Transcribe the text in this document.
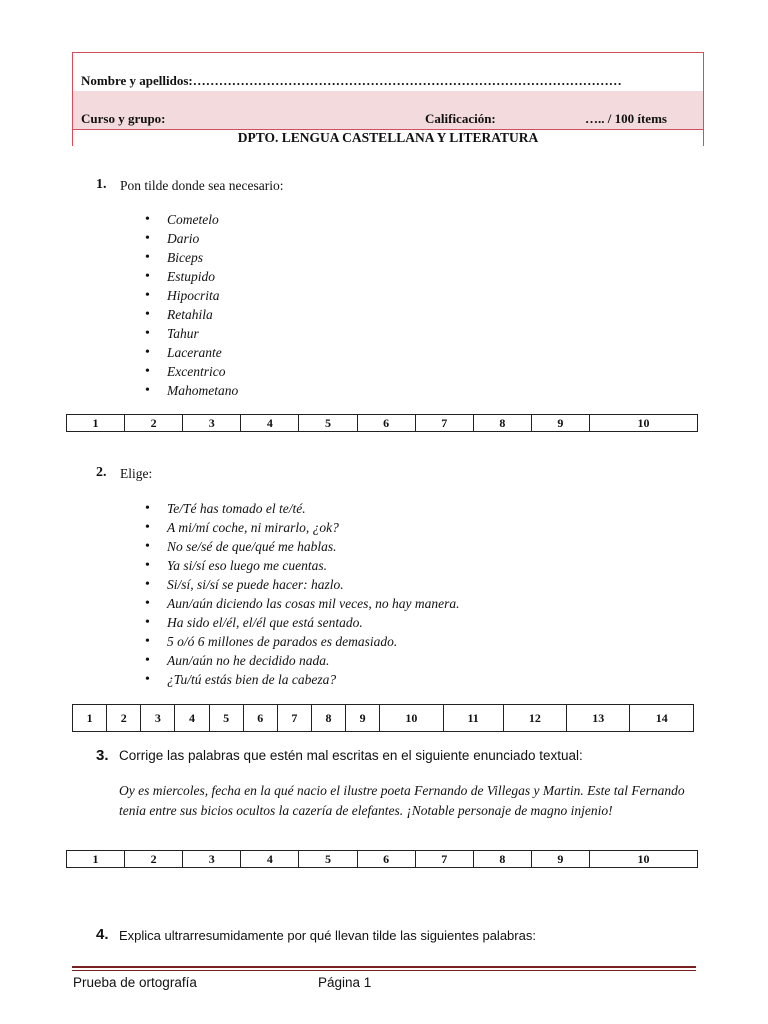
Nombre y apellidos:………………………………………………………………………………………
Curso y grupo:	Calificación:	….. / 100 ítems
DPTO. LENGUA CASTELLANA Y LITERATURA
1. Pon tilde donde sea necesario:
• Cometelo
• Dario
• Biceps
• Estupido
• Hipocrita
• Retahila
• Tahur
• Lacerante
• Excentrico
• Mahometano
1	2	3	4	5	6	7	8	9	10
2. Elige:
• Te/Té has tomado el te/té.
• A mi/mí coche, ni mirarlo, ¿ok?
• No se/sé de que/qué me hablas.
• Ya si/sí eso luego me cuentas.
• Si/sí, si/sí se puede hacer: hazlo.
• Aun/aún diciendo las cosas mil veces, no hay manera.
• Ha sido el/él, el/él que está sentado.
• 5 o/ó 6 millones de parados es demasiado.
• Aun/aún no he decidido nada.
• ¿Tu/tú estás bien de la cabeza?
1	2	3	4	5	6	7	8	9	10	11	12	13	14
3. Corrige las palabras que estén mal escritas en el siguiente enunciado textual:
Oy es miercoles, fecha en la qué nacio el ilustre poeta Fernando de Villegas y Martin. Este tal Fernando tenia entre sus bicios ocultos la cazería de elefantes. ¡Notable personaje de magno injenio!
1	2	3	4	5	6	7	8	9	10
4. Explica ultrarresumidamente por qué llevan tilde las siguientes palabras:
Prueba de ortografía	Página 1
